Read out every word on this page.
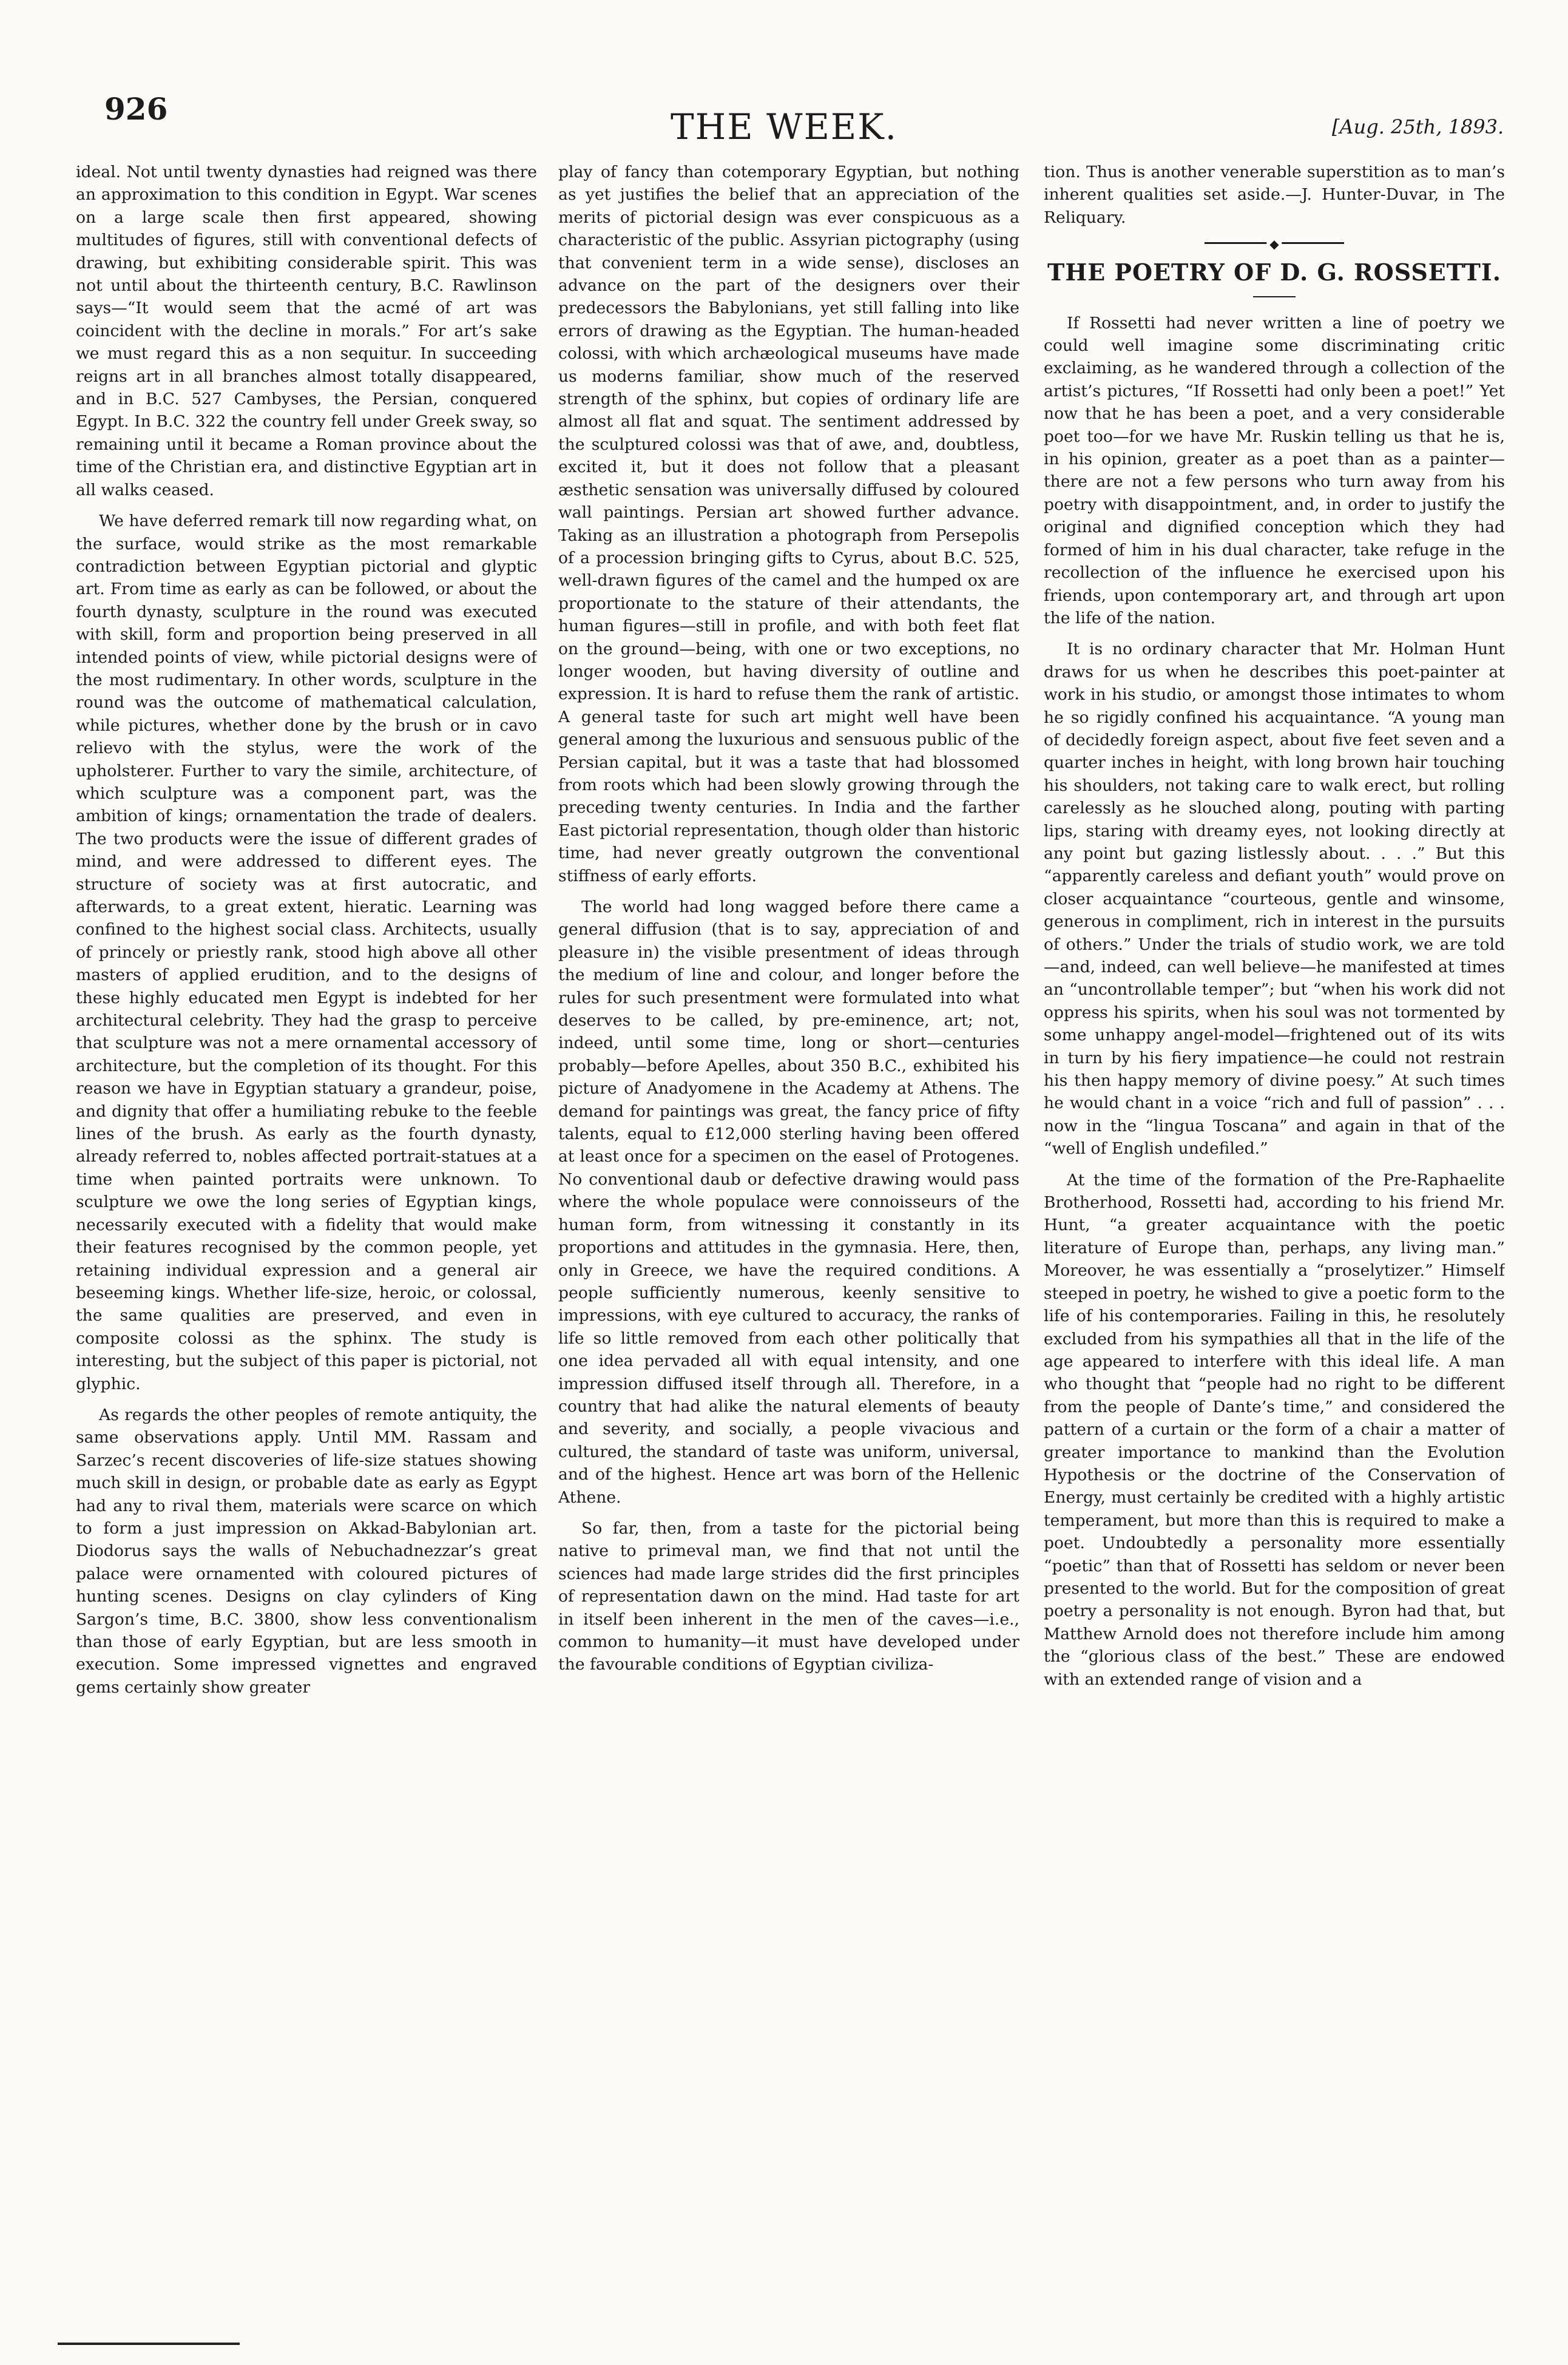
926	THE WEEK.	[Aug. 25th, 1893.

ideal. Not until twenty dynasties had reigned was there an approximation to this condition in Egypt. War scenes on a large scale then first appeared, showing multitudes of figures, still with conventional defects of drawing, but exhibiting considerable spirit. This was not until about the thirteenth century, B.C. Rawlinson says—“It would seem that the acmé of art was coincident with the decline in morals.” For art’s sake we must regard this as a non sequitur. In succeeding reigns art in all branches almost totally disappeared, and in B.C. 527 Cambyses, the Persian, conquered Egypt. In B.C. 322 the country fell under Greek sway, so remaining until it became a Roman province about the time of the Christian era, and distinctive Egyptian art in all walks ceased.

We have deferred remark till now regarding what, on the surface, would strike as the most remarkable contradiction between Egyptian pictorial and glyptic art. From time as early as can be followed, or about the fourth dynasty, sculpture in the round was executed with skill, form and proportion being preserved in all intended points of view, while pictorial designs were of the most rudimentary. In other words, sculpture in the round was the outcome of mathematical calculation, while pictures, whether done by the brush or in cavo relievo with the stylus, were the work of the upholsterer. Further to vary the simile, architecture, of which sculpture was a component part, was the ambition of kings; ornamentation the trade of dealers. The two products were the issue of different grades of mind, and were addressed to different eyes. The structure of society was at first autocratic, and afterwards, to a great extent, hieratic. Learning was confined to the highest social class. Architects, usually of princely or priestly rank, stood high above all other masters of applied erudition, and to the designs of these highly educated men Egypt is indebted for her architectural celebrity. They had the grasp to perceive that sculpture was not a mere ornamental accessory of architecture, but the completion of its thought. For this reason we have in Egyptian statuary a grandeur, poise, and dignity that offer a humiliating rebuke to the feeble lines of the brush. As early as the fourth dynasty, already referred to, nobles affected portrait-statues at a time when painted portraits were unknown. To sculpture we owe the long series of Egyptian kings, necessarily executed with a fidelity that would make their features recognised by the common people, yet retaining individual expression and a general air beseeming kings. Whether life-size, heroic, or colossal, the same qualities are preserved, and even in composite colossi as the sphinx. The study is interesting, but the subject of this paper is pictorial, not glyphic.

As regards the other peoples of remote antiquity, the same observations apply. Until MM. Rassam and Sarzec’s recent discoveries of life-size statues showing much skill in design, or probable date as early as Egypt had any to rival them, materials were scarce on which to form a just impression on Akkad-Babylonian art. Diodorus says the walls of Nebuchadnezzar’s great palace were ornamented with coloured pictures of hunting scenes. Designs on clay cylinders of King Sargon’s time, B.C. 3800, show less conventionalism than those of early Egyptian, but are less smooth in execution. Some impressed vignettes and engraved gems certainly show greater

play of fancy than cotemporary Egyptian, but nothing as yet justifies the belief that an appreciation of the merits of pictorial design was ever conspicuous as a characteristic of the public. Assyrian pictography (using that convenient term in a wide sense), discloses an advance on the part of the designers over their predecessors the Babylonians, yet still falling into like errors of drawing as the Egyptian. The human-headed colossi, with which archæological museums have made us moderns familiar, show much of the reserved strength of the sphinx, but copies of ordinary life are almost all flat and squat. The sentiment addressed by the sculptured colossi was that of awe, and, doubtless, excited it, but it does not follow that a pleasant æsthetic sensation was universally diffused by coloured wall paintings. Persian art showed further advance. Taking as an illustration a photograph from Persepolis of a procession bringing gifts to Cyrus, about B.C. 525, well-drawn figures of the camel and the humped ox are proportionate to the stature of their attendants, the human figures—still in profile, and with both feet flat on the ground—being, with one or two exceptions, no longer wooden, but having diversity of outline and expression. It is hard to refuse them the rank of artistic. A general taste for such art might well have been general among the luxurious and sensuous public of the Persian capital, but it was a taste that had blossomed from roots which had been slowly growing through the preceding twenty centuries. In India and the farther East pictorial representation, though older than historic time, had never greatly outgrown the conventional stiffness of early efforts.

The world had long wagged before there came a general diffusion (that is to say, appreciation of and pleasure in) the visible presentment of ideas through the medium of line and colour, and longer before the rules for such presentment were formulated into what deserves to be called, by pre-eminence, art; not, indeed, until some time, long or short—centuries probably—before Apelles, about 350 B.C., exhibited his picture of Anadyomene in the Academy at Athens. The demand for paintings was great, the fancy price of fifty talents, equal to £12,000 sterling having been offered at least once for a specimen on the easel of Protogenes. No conventional daub or defective drawing would pass where the whole populace were connoisseurs of the human form, from witnessing it constantly in its proportions and attitudes in the gymnasia. Here, then, only in Greece, we have the required conditions. A people sufficiently numerous, keenly sensitive to impressions, with eye cultured to accuracy, the ranks of life so little removed from each other politically that one idea pervaded all with equal intensity, and one impression diffused itself through all. Therefore, in a country that had alike the natural elements of beauty and severity, and socially, a people vivacious and cultured, the standard of taste was uniform, universal, and of the highest. Hence art was born of the Hellenic Athene.

So far, then, from a taste for the pictorial being native to primeval man, we find that not until the sciences had made large strides did the first principles of representation dawn on the mind. Had taste for art in itself been inherent in the men of the caves—i.e., common to humanity—it must have developed under the favourable conditions of Egyptian civiliza-

tion. Thus is another venerable superstition as to man’s inherent qualities set aside.—J. Hunter-Duvar, in The Reliquary.

◆
THE POETRY OF D. G. ROSSETTI.

If Rossetti had never written a line of poetry we could well imagine some discriminating critic exclaiming, as he wandered through a collection of the artist’s pictures, “If Rossetti had only been a poet!” Yet now that he has been a poet, and a very considerable poet too—for we have Mr. Ruskin telling us that he is, in his opinion, greater as a poet than as a painter—there are not a few persons who turn away from his poetry with disappointment, and, in order to justify the original and dignified conception which they had formed of him in his dual character, take refuge in the recollection of the influence he exercised upon his friends, upon contemporary art, and through art upon the life of the nation.

It is no ordinary character that Mr. Holman Hunt draws for us when he describes this poet-painter at work in his studio, or amongst those intimates to whom he so rigidly confined his acquaintance. “A young man of decidedly foreign aspect, about five feet seven and a quarter inches in height, with long brown hair touching his shoulders, not taking care to walk erect, but rolling carelessly as he slouched along, pouting with parting lips, staring with dreamy eyes, not looking directly at any point but gazing listlessly about. . . .” But this “apparently careless and defiant youth” would prove on closer acquaintance “courteous, gentle and winsome, generous in compliment, rich in interest in the pursuits of others.” Under the trials of studio work, we are told—and, indeed, can well believe—he manifested at times an “uncontrollable temper”; but “when his work did not oppress his spirits, when his soul was not tormented by some unhappy angel-model—frightened out of its wits in turn by his fiery impatience—he could not restrain his then happy memory of divine poesy.” At such times he would chant in a voice “rich and full of passion” . . . now in the “lingua Toscana” and again in that of the “well of English undefiled.”

At the time of the formation of the Pre-Raphaelite Brotherhood, Rossetti had, according to his friend Mr. Hunt, “a greater acquaintance with the poetic literature of Europe than, perhaps, any living man.” Moreover, he was essentially a “proselytizer.” Himself steeped in poetry, he wished to give a poetic form to the life of his contemporaries. Failing in this, he resolutely excluded from his sympathies all that in the life of the age appeared to interfere with this ideal life. A man who thought that “people had no right to be different from the people of Dante’s time,” and considered the pattern of a curtain or the form of a chair a matter of greater importance to mankind than the Evolution Hypothesis or the doctrine of the Conservation of Energy, must certainly be credited with a highly artistic temperament, but more than this is required to make a poet. Undoubtedly a personality more essentially “poetic” than that of Rossetti has seldom or never been presented to the world. But for the composition of great poetry a personality is not enough. Byron had that, but Matthew Arnold does not therefore include him among the “glorious class of the best.” These are endowed with an extended range of vision and a
